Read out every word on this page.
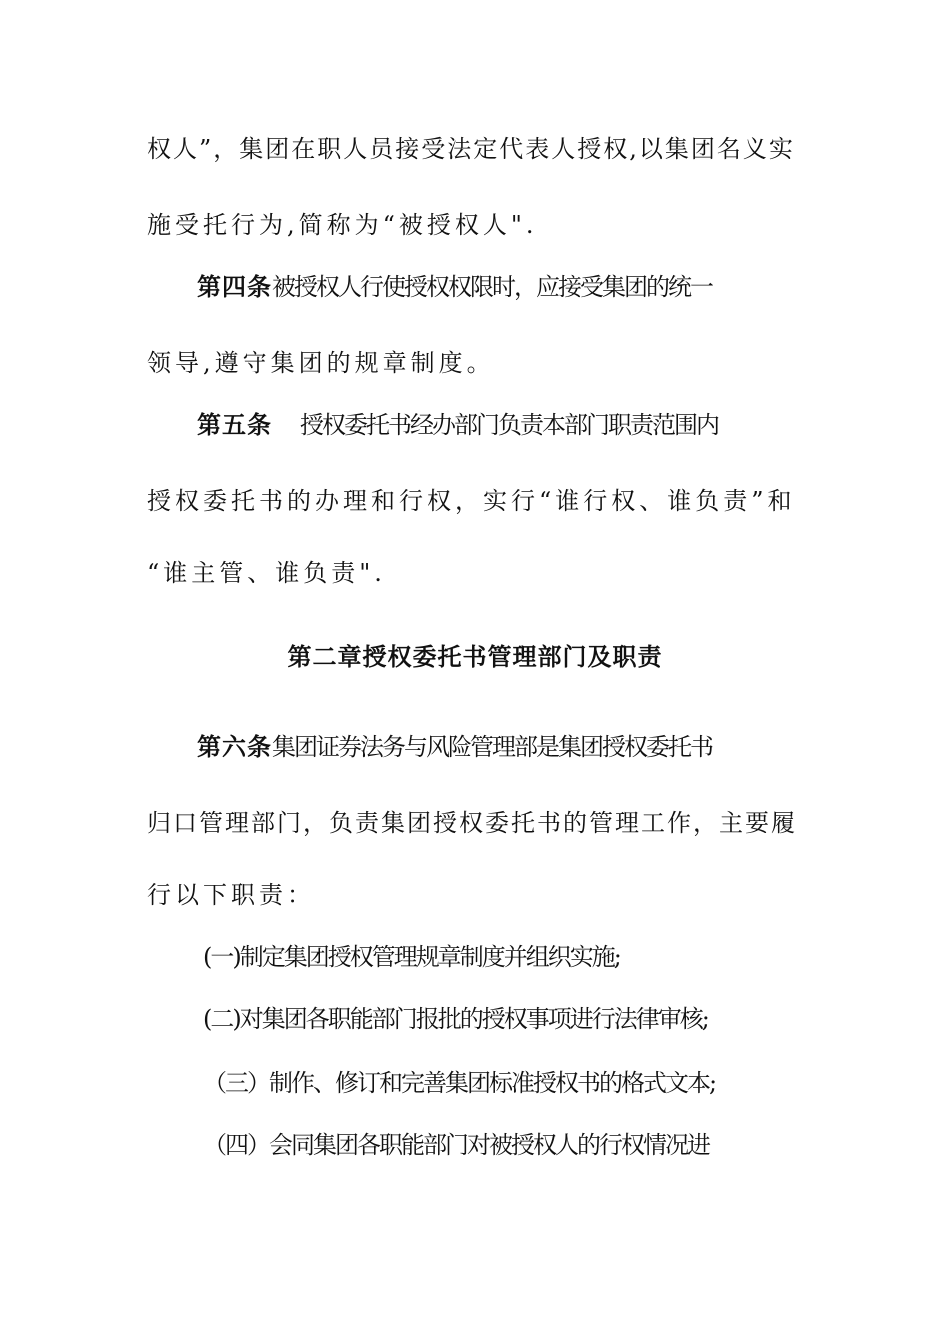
权人”，集团在职人员接受法定代表人授权,以集团名义实
施受托行为,简称为“被授权人".
第四条被授权人行使授权权限时，应接受集团的统一
领导,遵守集团的规章制度。
第五条 授权委托书经办部门负责本部门职责范围内
授权委托书的办理和行权，实行“谁行权、谁负责”和
“谁主管、谁负责".
第二章授权委托书管理部门及职责
第六条集团证券法务与风险管理部是集团授权委托书
归口管理部门，负责集团授权委托书的管理工作，主要履
行以下职责：
(一)制定集团授权管理规章制度并组织实施;
(二)对集团各职能部门报批的授权事项进行法律审核;
（三）制作、修订和完善集团标准授权书的格式文本;
（四）会同集团各职能部门对被授权人的行权情况进
